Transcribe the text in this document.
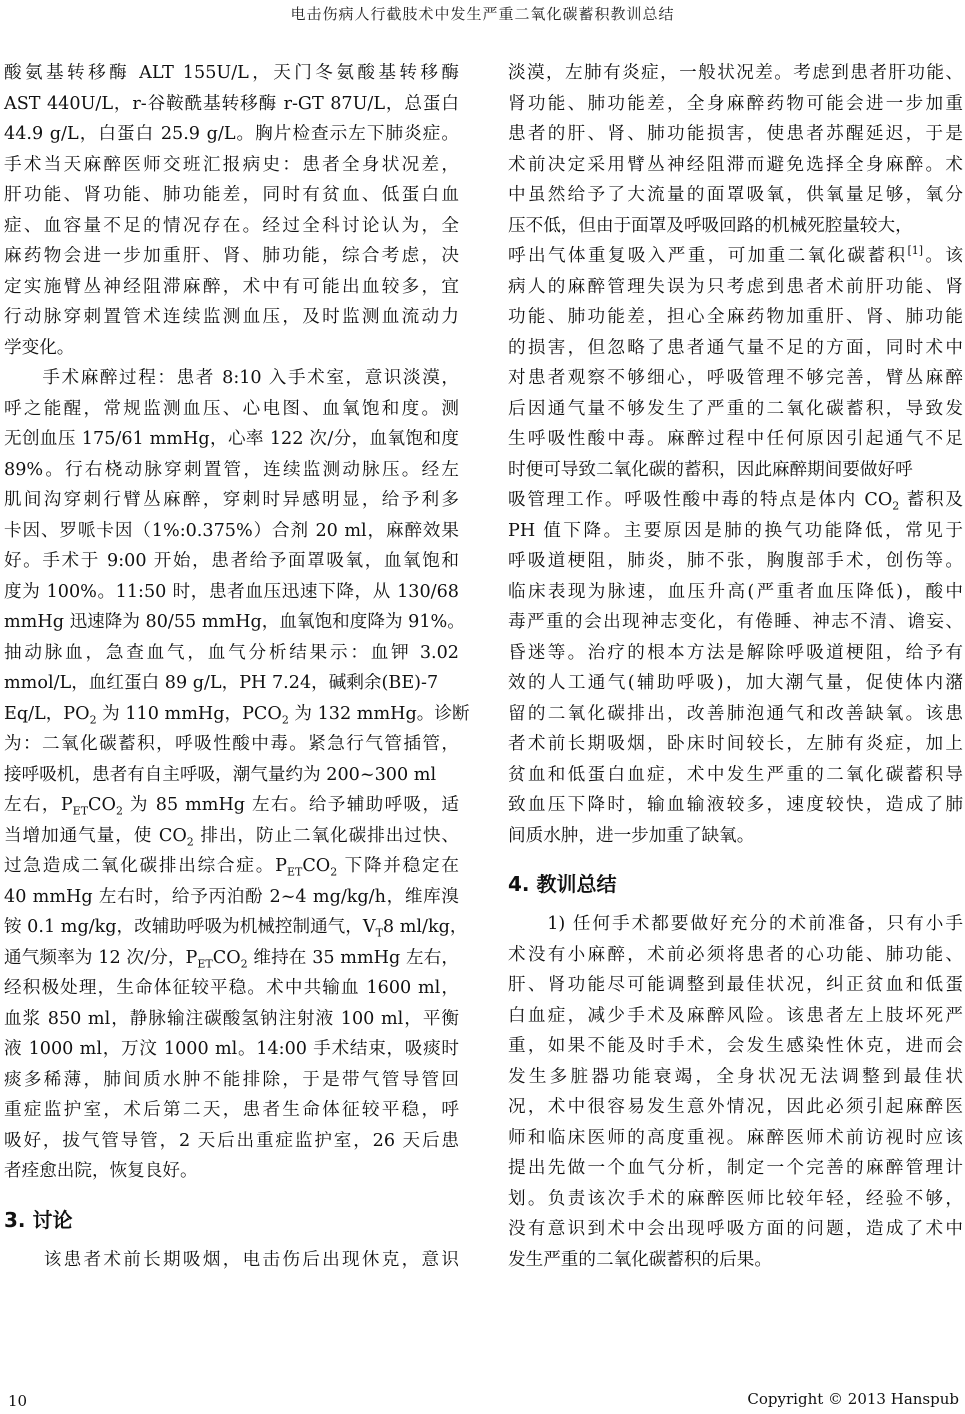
电击伤病人行截肢术中发生严重二氧化碳蓄积教训总结
酸氨基转移酶 ALT 155U/L，天门冬氨酸基转移酶
AST 440U/L，r-谷鞍酰基转移酶 r-GT 87U/L，总蛋白
44.9 g/L，白蛋白 25.9 g/L。胸片检查示左下肺炎症。
手术当天麻醉医师交班汇报病史：患者全身状况差，
肝功能、肾功能、肺功能差，同时有贫血、低蛋白血
症、血容量不足的情况存在。经过全科讨论认为，全
麻药物会进一步加重肝、肾、肺功能，综合考虑，决
定实施臂丛神经阻滞麻醉，术中有可能出血较多，宜
行动脉穿刺置管术连续监测血压，及时监测血流动力
学变化。
　　手术麻醉过程：患者 8:10 入手术室，意识淡漠，
呼之能醒，常规监测血压、心电图、血氧饱和度。测
无创血压 175/61 mmHg，心率 122 次/分，血氧饱和度
89%。行右桡动脉穿刺置管，连续监测动脉压。经左
肌间沟穿刺行臂丛麻醉，穿刺时异感明显，给予利多
卡因、罗哌卡因（1%:0.375%）合剂 20 ml，麻醉效果
好。手术于 9:00 开始，患者给予面罩吸氧，血氧饱和
度为 100%。11:50 时，患者血压迅速下降，从 130/68
mmHg 迅速降为 80/55 mmHg，血氧饱和度降为 91%。
抽动脉血，急查血气，血气分析结果示：血钾 3.02
mmol/L，血红蛋白 89 g/L，PH 7.24，碱剩余(BE)-7
Eq/L，$PO_2$ 为 110 mmHg，$PCO_2$ 为 132 mmHg。诊断
为：二氧化碳蓄积，呼吸性酸中毒。紧急行气管插管，
接呼吸机，患者有自主呼吸，潮气量约为 200~300 ml
左右，$P_{ET}CO_2$ 为 85 mmHg 左右。给予辅助呼吸，适
当增加通气量，使 $CO_2$ 排出，防止二氧化碳排出过快、
过急造成二氧化碳排出综合症。$P_{ET}CO_2$ 下降并稳定在
40 mmHg 左右时，给予丙泊酚 2~4 mg/kg/h，维库溴
铵 0.1 mg/kg，改辅助呼吸为机械控制通气，$V_T8$ ml/kg，
通气频率为 12 次/分，$P_{ET}CO_2$ 维持在 35 mmHg 左右，
经积极处理，生命体征较平稳。术中共输血 1600 ml，
血浆 850 ml，静脉输注碳酸氢钠注射液 100 ml，平衡
液 1000 ml，万汶 1000 ml。14:00 手术结束，吸痰时
痰多稀薄，肺间质水肿不能排除，于是带气管导管回
重症监护室，术后第二天，患者生命体征较平稳，呼
吸好，拔气管导管，2 天后出重症监护室，26 天后患
者痊愈出院，恢复良好。
3. 讨论
　　该患者术前长期吸烟，电击伤后出现休克，意识
淡漠，左肺有炎症，一般状况差。考虑到患者肝功能、
肾功能、肺功能差，全身麻醉药物可能会进一步加重
患者的肝、肾、肺功能损害，使患者苏醒延迟，于是
术前决定采用臂丛神经阻滞而避免选择全身麻醉。术
中虽然给予了大流量的面罩吸氧，供氧量足够，氧分
压不低，但由于面罩及呼吸回路的机械死腔量较大，
呼出气体重复吸入严重，可加重二氧化碳蓄积[1]。该
病人的麻醉管理失误为只考虑到患者术前肝功能、肾
功能、肺功能差，担心全麻药物加重肝、肾、肺功能
的损害，但忽略了患者通气量不足的方面，同时术中
对患者观察不够细心，呼吸管理不够完善，臂丛麻醉
后因通气量不够发生了严重的二氧化碳蓄积，导致发
生呼吸性酸中毒。麻醉过程中任何原因引起通气不足
时便可导致二氧化碳的蓄积，因此麻醉期间要做好呼
吸管理工作。呼吸性酸中毒的特点是体内 $CO_2$ 蓄积及
PH 值下降。主要原因是肺的换气功能降低，常见于
呼吸道梗阻，肺炎，肺不张，胸腹部手术，创伤等。
临床表现为脉速，血压升高(严重者血压降低)，酸中
毒严重的会出现神志变化，有倦睡、神志不清、谵妄、
昏迷等。治疗的根本方法是解除呼吸道梗阻，给予有
效的人工通气(辅助呼吸)，加大潮气量，促使体内潴
留的二氧化碳排出，改善肺泡通气和改善缺氧。该患
者术前长期吸烟，卧床时间较长，左肺有炎症，加上
贫血和低蛋白血症，术中发生严重的二氧化碳蓄积导
致血压下降时，输血输液较多，速度较快，造成了肺
间质水肿，进一步加重了缺氧。
4. 教训总结
　　1) 任何手术都要做好充分的术前准备，只有小手
术没有小麻醉，术前必须将患者的心功能、肺功能、
肝、肾功能尽可能调整到最佳状况，纠正贫血和低蛋
白血症，减少手术及麻醉风险。该患者左上肢坏死严
重，如果不能及时手术，会发生感染性休克，进而会
发生多脏器功能衰竭，全身状况无法调整到最佳状
况，术中很容易发生意外情况，因此必须引起麻醉医
师和临床医师的高度重视。麻醉医师术前访视时应该
提出先做一个血气分析，制定一个完善的麻醉管理计
划。负责该次手术的麻醉医师比较年轻，经验不够，
没有意识到术中会出现呼吸方面的问题，造成了术中
发生严重的二氧化碳蓄积的后果。
10	Copyright © 2013 Hanspub
